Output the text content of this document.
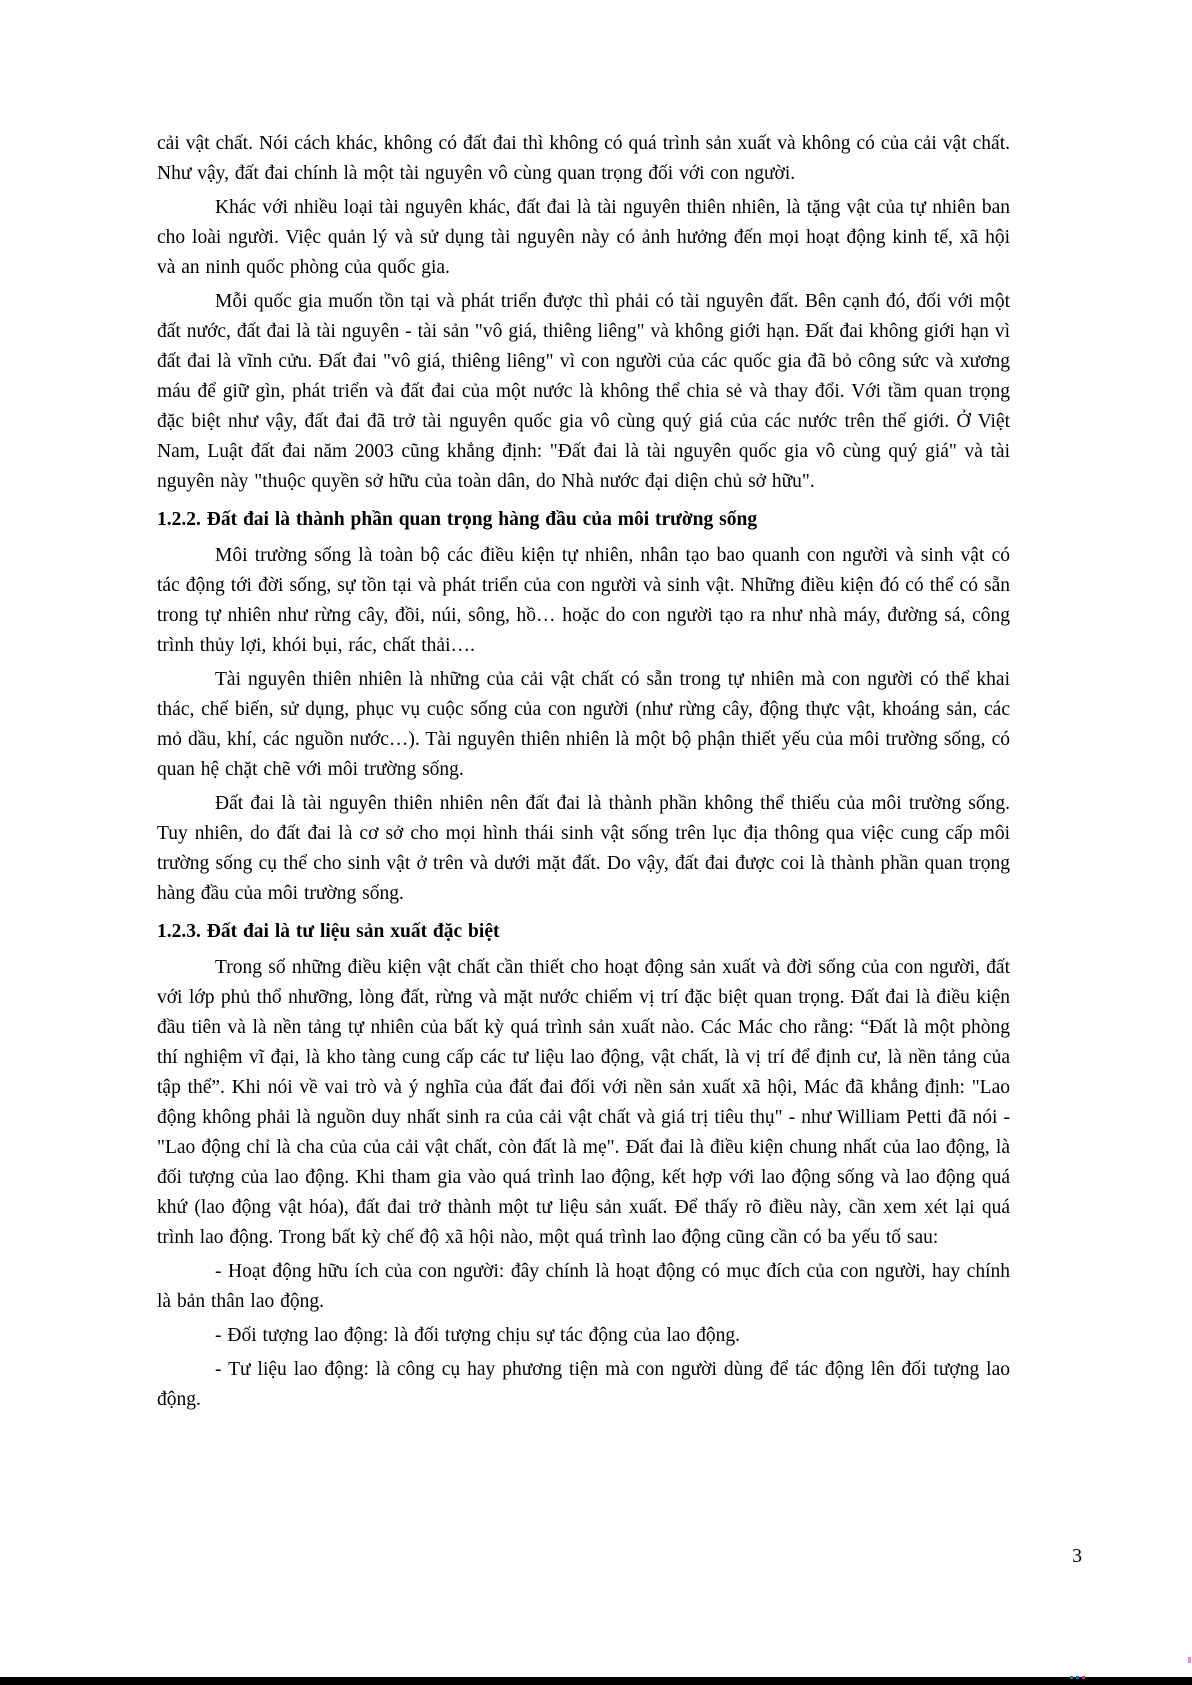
cải vật chất. Nói cách khác, không có đất đai thì không có quá trình sản xuất và không có của cải vật chất. Như vậy, đất đai chính là một tài nguyên vô cùng quan trọng đối với con người.

Khác với nhiều loại tài nguyên khác, đất đai là tài nguyên thiên nhiên, là tặng vật của tự nhiên ban cho loài người. Việc quản lý và sử dụng tài nguyên này có ảnh hưởng đến mọi hoạt động kinh tế, xã hội và an ninh quốc phòng của quốc gia.

Mỗi quốc gia muốn tồn tại và phát triển được thì phải có tài nguyên đất. Bên cạnh đó, đối với một đất nước, đất đai là tài nguyên - tài sản "vô giá, thiêng liêng" và không giới hạn. Đất đai không giới hạn vì đất đai là vĩnh cửu. Đất đai "vô giá, thiêng liêng" vì con người của các quốc gia đã bỏ công sức và xương máu để giữ gìn, phát triển và đất đai của một nước là không thể chia sẻ và thay đổi. Với tầm quan trọng đặc biệt như vậy, đất đai đã trở tài nguyên quốc gia vô cùng quý giá của các nước trên thế giới. Ở Việt Nam, Luật đất đai năm 2003 cũng khẳng định: "Đất đai là tài nguyên quốc gia vô cùng quý giá" và tài nguyên này "thuộc quyền sở hữu của toàn dân, do Nhà nước đại diện chủ sở hữu".

1.2.2. Đất đai là thành phần quan trọng hàng đầu của môi trường sống

Môi trường sống là toàn bộ các điều kiện tự nhiên, nhân tạo bao quanh con người và sinh vật có tác động tới đời sống, sự tồn tại và phát triển của con người và sinh vật. Những điều kiện đó có thể có sẵn trong tự nhiên như rừng cây, đồi, núi, sông, hồ… hoặc do con người tạo ra như nhà máy, đường sá, công trình thủy lợi, khói bụi, rác, chất thải….

Tài nguyên thiên nhiên là những của cải vật chất có sẵn trong tự nhiên mà con người có thể khai thác, chế biến, sử dụng, phục vụ cuộc sống của con người (như rừng cây, động thực vật, khoáng sản, các mỏ dầu, khí, các nguồn nước…). Tài nguyên thiên nhiên là một bộ phận thiết yếu của môi trường sống, có quan hệ chặt chẽ với môi trường sống.

Đất đai là tài nguyên thiên nhiên nên đất đai là thành phần không thể thiếu của môi trường sống. Tuy nhiên, do đất đai là cơ sở cho mọi hình thái sinh vật sống trên lục địa thông qua việc cung cấp môi trường sống cụ thể cho sinh vật ở trên và dưới mặt đất. Do vậy, đất đai được coi là thành phần quan trọng hàng đầu của môi trường sống.

1.2.3. Đất đai là tư liệu sản xuất đặc biệt

Trong số những điều kiện vật chất cần thiết cho hoạt động sản xuất và đời sống của con người, đất với lớp phủ thổ nhưỡng, lòng đất, rừng và mặt nước chiếm vị trí đặc biệt quan trọng. Đất đai là điều kiện đầu tiên và là nền tảng tự nhiên của bất kỳ quá trình sản xuất nào. Các Mác cho rằng: “Đất là một phòng thí nghiệm vĩ đại, là kho tàng cung cấp các tư liệu lao động, vật chất, là vị trí để định cư, là nền tảng của tập thể”. Khi nói về vai trò và ý nghĩa của đất đai đối với nền sản xuất xã hội, Mác đã khẳng định: "Lao động không phải là nguồn duy nhất sinh ra của cải vật chất và giá trị tiêu thụ" - như William Petti đã nói - "Lao động chỉ là cha của của cải vật chất, còn đất là mẹ". Đất đai là điều kiện chung nhất của lao động, là đối tượng của lao động. Khi tham gia vào quá trình lao động, kết hợp với lao động sống và lao động quá khứ (lao động vật hóa), đất đai trở thành một tư liệu sản xuất. Để thấy rõ điều này, cần xem xét lại quá trình lao động. Trong bất kỳ chế độ xã hội nào, một quá trình lao động cũng cần có ba yếu tố sau:

- Hoạt động hữu ích của con người: đây chính là hoạt động có mục đích của con người, hay chính là bản thân lao động.

- Đối tượng lao động: là đối tượng chịu sự tác động của lao động.

- Tư liệu lao động: là công cụ hay phương tiện mà con người dùng để tác động lên đối tượng lao động.

3
